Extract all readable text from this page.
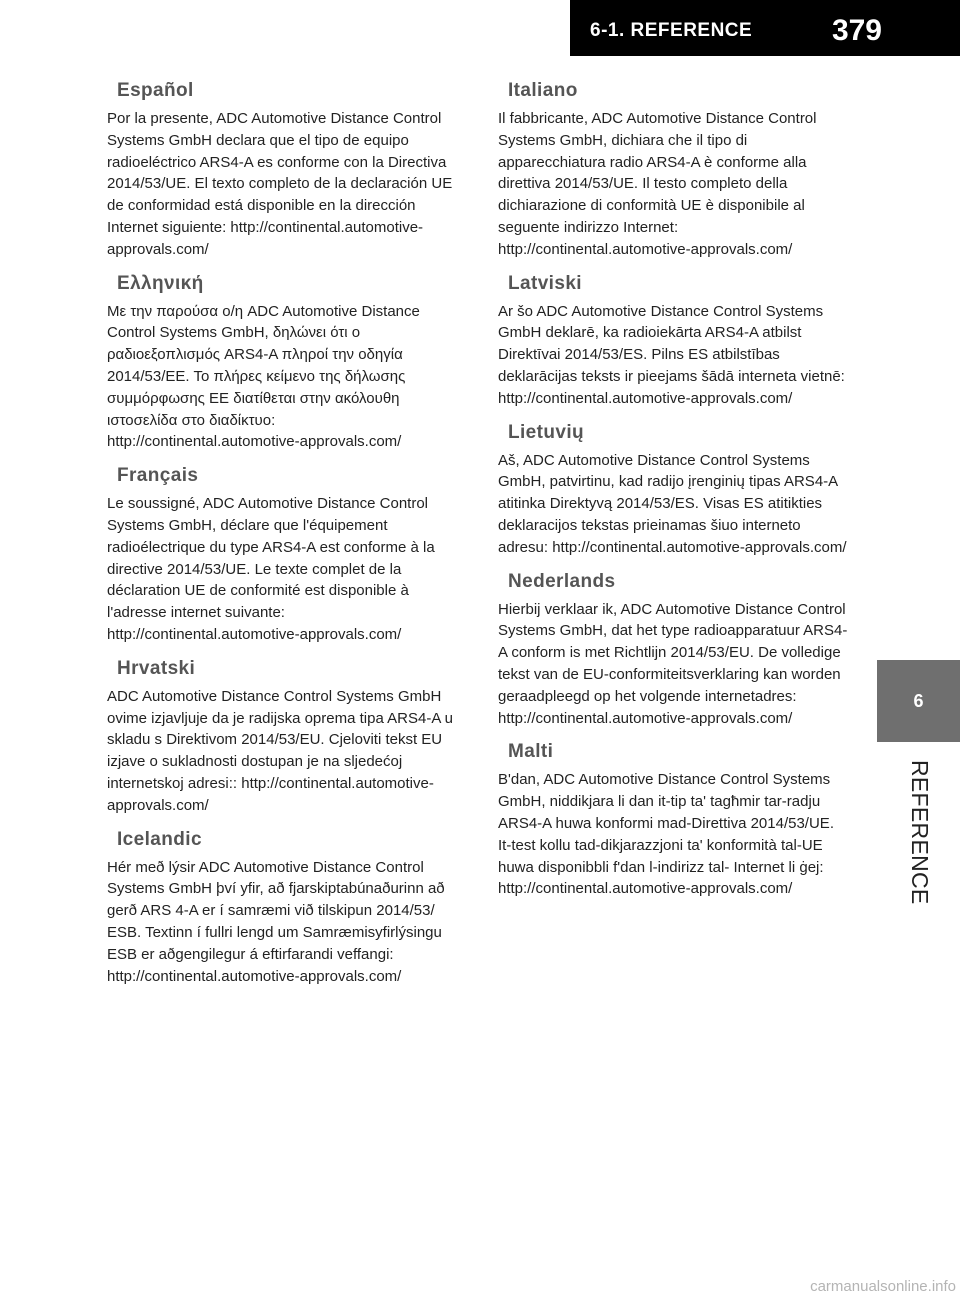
6-1. REFERENCE	379
6
REFERENCE
Español

Por la presente, ADC Automotive Distance Control Systems GmbH declara que el tipo de equipo radioeléctrico ARS4-A es conforme con la Directiva 2014/53/UE. El texto completo de la declaración UE de conformidad está disponible en la dirección Internet siguiente: http://continental.automotive-approvals.com/

Ελληνική

Με την παρούσα ο/η ADC Automotive Distance Control Systems GmbH, δηλώνει ότι ο ραδιοεξοπλισμός ARS4-A πληροί την οδηγία 2014/53/ΕΕ. Το πλήρες κείμενο της δήλωσης συμμόρφωσης ΕΕ διατίθεται στην ακόλουθη ιστοσελίδα στο διαδίκτυο: http://continental.automotive-approvals.com/

Français

Le soussigné, ADC Automotive Distance Control Systems GmbH, déclare que l'équipement radioélectrique du type ARS4-A est conforme à la directive 2014/53/UE. Le texte complet de la déclaration UE de conformité est disponible à l'adresse internet suivante: http://continental.automotive-approvals.com/

Hrvatski

ADC Automotive Distance Control Systems GmbH ovime izjavljuje da je radijska oprema tipa ARS4-A u skladu s Direktivom 2014/53/EU. Cjeloviti tekst EU izjave o sukladnosti dostupan je na sljedećoj internetskoj adresi:: http://continental.automotive-approvals.com/

Icelandic

Hér með lýsir ADC Automotive Distance Control Systems GmbH því yfir, að fjarskiptabúnaðurinn að gerð ARS 4-A er í samræmi við tilskipun 2014/53/ ESB. Textinn í fullri lengd um Samræmisyfirlýsingu ESB er aðgengilegur á eftirfarandi veffangi: http://continental.automotive-approvals.com/

Italiano

Il fabbricante, ADC Automotive Distance Control Systems GmbH, dichiara che il tipo di apparecchiatura radio ARS4-A è conforme alla direttiva 2014/53/UE. Il testo completo della dichiarazione di conformità UE è disponibile al seguente indirizzo Internet: http://continental.automotive-approvals.com/

Latviski

Ar šo ADC Automotive Distance Control Systems GmbH deklarē, ka radioiekārta ARS4-A atbilst Direktīvai 2014/53/ES. Pilns ES atbilstības deklarācijas teksts ir pieejams šādā interneta vietnē: http://continental.automotive-approvals.com/

Lietuvių

Aš, ADC Automotive Distance Control Systems GmbH, patvirtinu, kad radijo įrenginių tipas ARS4-A atitinka Direktyvą 2014/53/ES. Visas ES atitikties deklaracijos tekstas prieinamas šiuo interneto adresu: http://continental.automotive-approvals.com/

Nederlands

Hierbij verklaar ik, ADC Automotive Distance Control Systems GmbH, dat het type radioapparatuur ARS4-A conform is met Richtlijn 2014/53/EU. De volledige tekst van de EU-conformiteitsverklaring kan worden geraadpleegd op het volgende internetadres: http://continental.automotive-approvals.com/

Malti

B'dan, ADC Automotive Distance Control Systems GmbH, niddikjara li dan it-tip ta' tagħmir tar-radju ARS4-A huwa konformi mad-Direttiva 2014/53/UE. It-test kollu tad-dikjarazzjoni ta' konformità tal-UE huwa disponibbli f'dan l-indirizz tal- Internet li ġej: http://continental.automotive-approvals.com/

carmanualsonline.info
